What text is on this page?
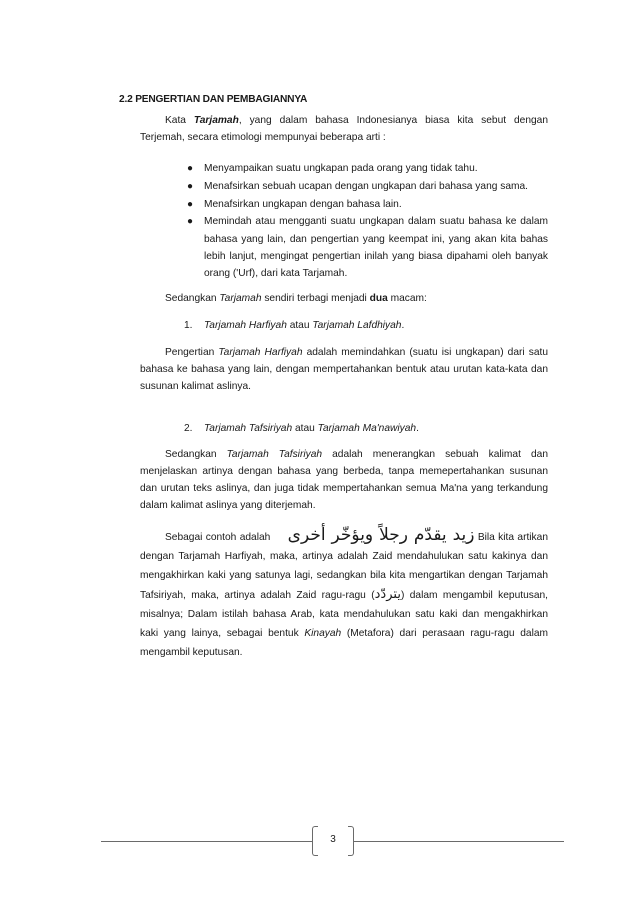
2.2 PENGERTIAN DAN PEMBAGIANNYA

Kata Tarjamah, yang dalam bahasa Indonesianya biasa kita sebut dengan Terjemah, secara etimologi mempunyai beberapa arti :

● Menyampaikan suatu ungkapan pada orang yang tidak tahu.
● Menafsirkan sebuah ucapan dengan ungkapan dari bahasa yang sama.
● Menafsirkan ungkapan dengan bahasa lain.
● Memindah atau mengganti suatu ungkapan dalam suatu bahasa ke dalam bahasa yang lain, dan pengertian yang keempat ini, yang akan kita bahas lebih lanjut, mengingat pengertian inilah yang biasa dipahami oleh banyak orang ('Urf), dari kata Tarjamah.

Sedangkan Tarjamah sendiri terbagi menjadi dua macam:

1. Tarjamah Harfiyah atau Tarjamah Lafdhiyah.

Pengertian Tarjamah Harfiyah adalah memindahkan (suatu isi ungkapan) dari satu bahasa ke bahasa yang lain, dengan mempertahankan bentuk atau urutan kata-kata dan susunan kalimat aslinya.

2. Tarjamah Tafsiriyah atau Tarjamah Ma'nawiyah.

Sedangkan Tarjamah Tafsiriyah adalah menerangkan sebuah kalimat dan menjelaskan artinya dengan bahasa yang berbeda, tanpa memepertahankan susunan dan urutan teks aslinya, dan juga tidak mempertahankan semua Ma'na yang terkandung dalam kalimat aslinya yang diterjemah.

Sebagai contoh adalah زيد يقدّم رجلاً ويؤخّر أخرى Bila kita artikan dengan Tarjamah Harfiyah, maka, artinya adalah Zaid mendahulukan satu kakinya dan mengakhirkan kaki yang satunya lagi, sedangkan bila kita mengartikan dengan Tarjamah Tafsiriyah, maka, artinya adalah Zaid ragu-ragu (يتردّد) dalam mengambil keputusan, misalnya; Dalam istilah bahasa Arab, kata mendahulukan satu kaki dan mengakhirkan kaki yang lainya, sebagai bentuk Kinayah (Metafora) dari perasaan ragu-ragu dalam mengambil keputusan.

3
